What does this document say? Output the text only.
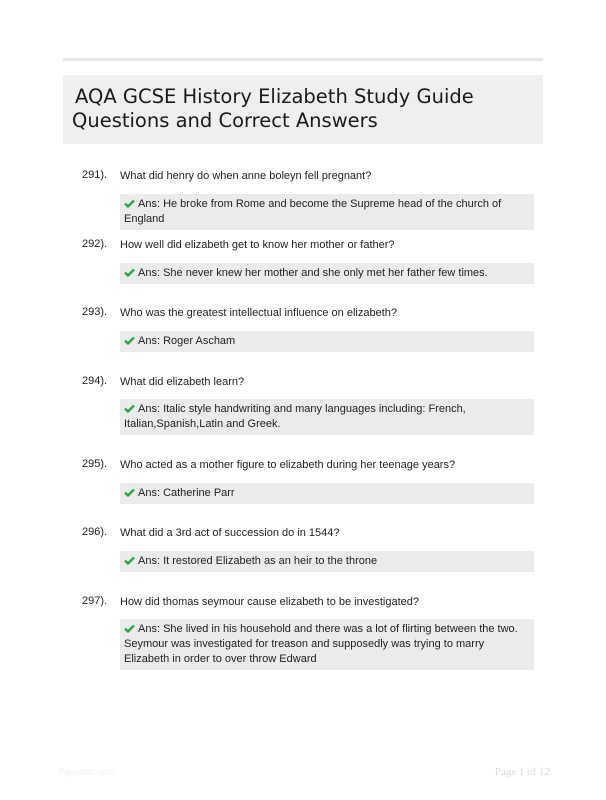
AQA GCSE History Elizabeth Study Guide
Questions and Correct Answers
291). What did henry do when anne boleyn fell pregnant?
Ans: He broke from Rome and become the Supreme head of the church of England
292). How well did elizabeth get to know her mother or father?
Ans: She never knew her mother and she only met her father few times.
293). Who was the greatest intellectual influence on elizabeth?
Ans: Roger Ascham
294). What did elizabeth learn?
Ans: Italic style handwriting and many languages including: French, Italian,Spanish,Latin and Greek.
295). Who acted as a mother figure to elizabeth during her teenage years?
Ans: Catherine Parr
296). What did a 3rd act of succession do in 1544?
Ans: It restored Elizabeth as an heir to the throne
297). How did thomas seymour cause elizabeth to be investigated?
Ans: She lived in his household and there was a lot of flirting between the two. Seymour was investigated for treason and supposedly was trying to marry Elizabeth in order to over throw Edward
Paperblic.com	Page 1 of 12
